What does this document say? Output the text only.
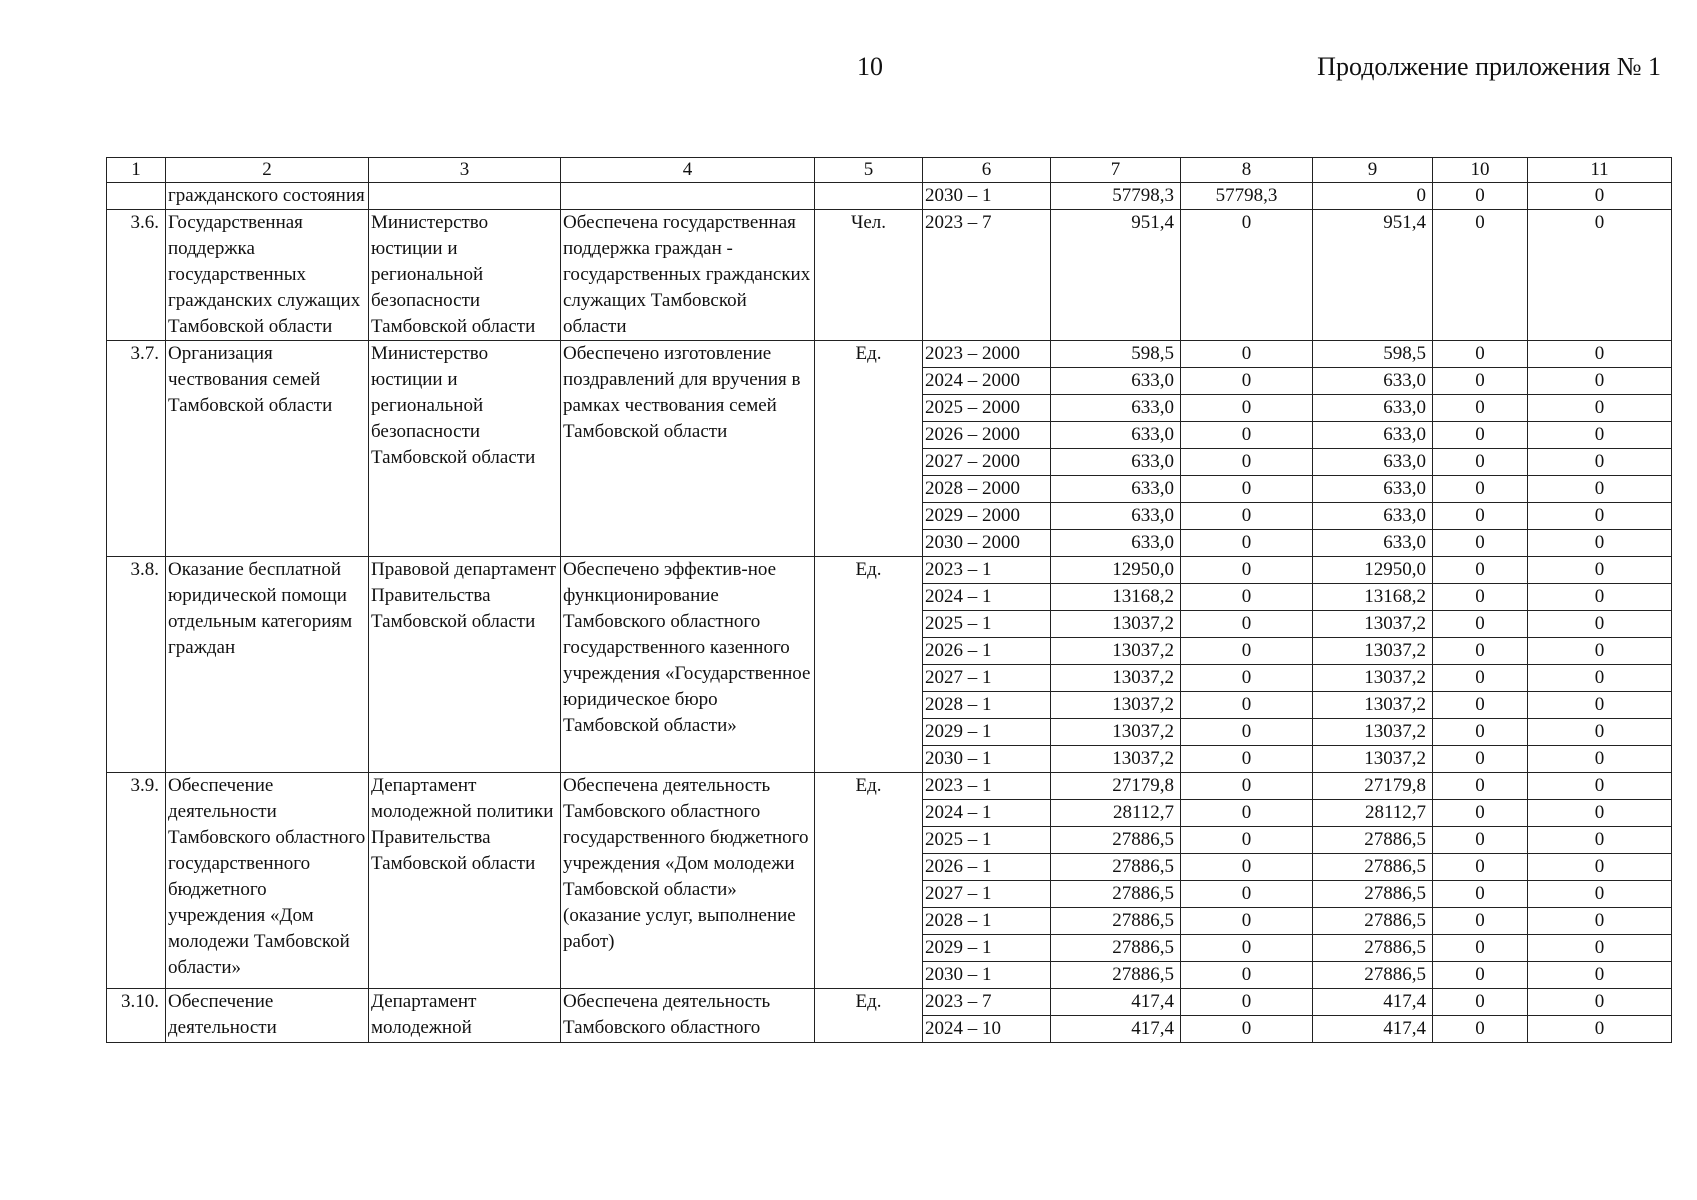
10	Продолжение приложения № 1
1	2	3	4	5	6	7	8	9	10	11
	гражданского состояния				2030 – 1	57798,3	57798,3	0	0	0
3.6.	Государственная поддержка государственных гражданских служащих Тамбовской области	Министерство юстиции и региональной безопасности Тамбовской области	Обеспечена государственная поддержка граждан - государственных гражданских служащих Тамбовской области	Чел.	2023 – 7	951,4	0	951,4	0	0
3.7.	Организация чествования семей Тамбовской области	Министерство юстиции и региональной безопасности Тамбовской области	Обеспечено изготовление поздравлений для вручения в рамках чествования семей Тамбовской области	Ед.	2023 – 2000	598,5	0	598,5	0	0
					2024 – 2000	633,0	0	633,0	0	0
					2025 – 2000	633,0	0	633,0	0	0
					2026 – 2000	633,0	0	633,0	0	0
					2027 – 2000	633,0	0	633,0	0	0
					2028 – 2000	633,0	0	633,0	0	0
					2029 – 2000	633,0	0	633,0	0	0
					2030 – 2000	633,0	0	633,0	0	0
3.8.	Оказание бесплатной юридической помощи отдельным категориям граждан	Правовой департамент Правительства Тамбовской области	Обеспечено эффектив-ное функционирование Тамбовского областного государственного казенного учреждения «Государственное юридическое бюро Тамбовской области»	Ед.	2023 – 1	12950,0	0	12950,0	0	0
					2024 – 1	13168,2	0	13168,2	0	0
					2025 – 1	13037,2	0	13037,2	0	0
					2026 – 1	13037,2	0	13037,2	0	0
					2027 – 1	13037,2	0	13037,2	0	0
					2028 – 1	13037,2	0	13037,2	0	0
					2029 – 1	13037,2	0	13037,2	0	0
					2030 – 1	13037,2	0	13037,2	0	0
3.9.	Обеспечение деятельности Тамбовского областного государственного бюджетного учреждения «Дом молодежи Тамбовской области»	Департамент молодежной политики Правительства Тамбовской области	Обеспечена деятельность Тамбовского областного государственного бюджетного учреждения «Дом молодежи Тамбовской области» (оказание услуг, выполнение работ)	Ед.	2023 – 1	27179,8	0	27179,8	0	0
					2024 – 1	28112,7	0	28112,7	0	0
					2025 – 1	27886,5	0	27886,5	0	0
					2026 – 1	27886,5	0	27886,5	0	0
					2027 – 1	27886,5	0	27886,5	0	0
					2028 – 1	27886,5	0	27886,5	0	0
					2029 – 1	27886,5	0	27886,5	0	0
					2030 – 1	27886,5	0	27886,5	0	0
3.10.	Обеспечение деятельности	Департамент молодежной	Обеспечена деятельность Тамбовского областного	Ед.	2023 – 7	417,4	0	417,4	0	0
					2024 – 10	417,4	0	417,4	0	0
